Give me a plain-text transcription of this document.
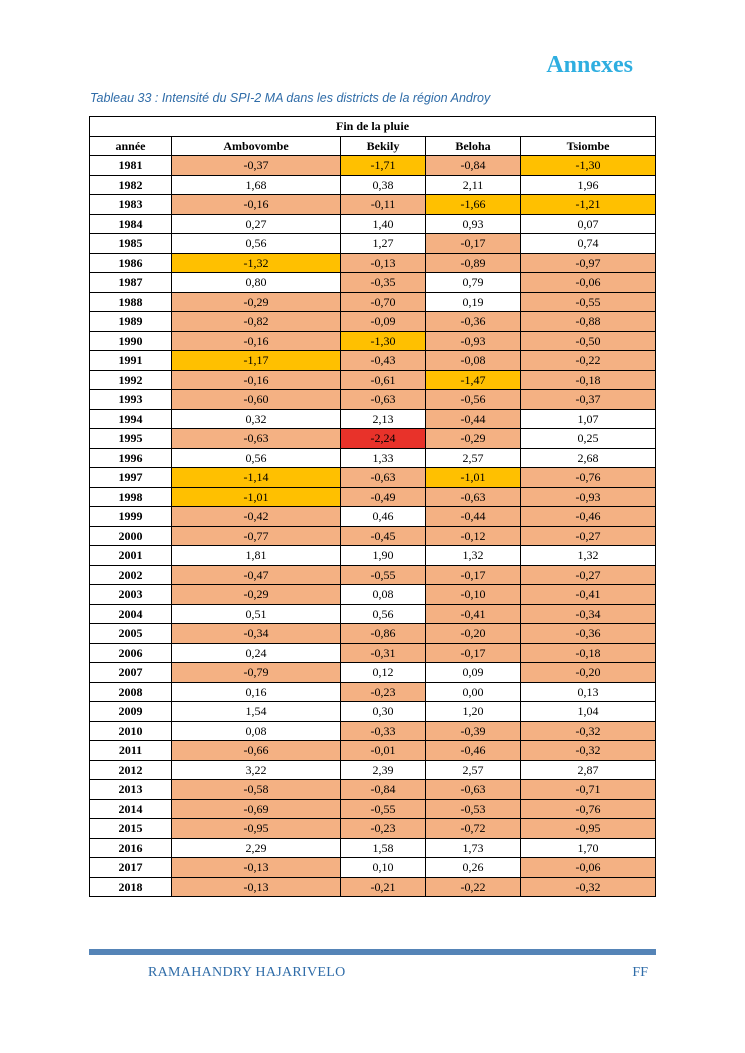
Annexes
Tableau 33 : Intensité du SPI-2 MA dans les districts de la région Androy
Fin de la pluie				
année	Ambovombe	Bekily	Beloha	Tsiombe
1981	-0,37	-1,71	-0,84	-1,30
1982	1,68	0,38	2,11	1,96
1983	-0,16	-0,11	-1,66	-1,21
1984	0,27	1,40	0,93	0,07
1985	0,56	1,27	-0,17	0,74
1986	-1,32	-0,13	-0,89	-0,97
1987	0,80	-0,35	0,79	-0,06
1988	-0,29	-0,70	0,19	-0,55
1989	-0,82	-0,09	-0,36	-0,88
1990	-0,16	-1,30	-0,93	-0,50
1991	-1,17	-0,43	-0,08	-0,22
1992	-0,16	-0,61	-1,47	-0,18
1993	-0,60	-0,63	-0,56	-0,37
1994	0,32	2,13	-0,44	1,07
1995	-0,63	-2,24	-0,29	0,25
1996	0,56	1,33	2,57	2,68
1997	-1,14	-0,63	-1,01	-0,76
1998	-1,01	-0,49	-0,63	-0,93
1999	-0,42	0,46	-0,44	-0,46
2000	-0,77	-0,45	-0,12	-0,27
2001	1,81	1,90	1,32	1,32
2002	-0,47	-0,55	-0,17	-0,27
2003	-0,29	0,08	-0,10	-0,41
2004	0,51	0,56	-0,41	-0,34
2005	-0,34	-0,86	-0,20	-0,36
2006	0,24	-0,31	-0,17	-0,18
2007	-0,79	0,12	0,09	-0,20
2008	0,16	-0,23	0,00	0,13
2009	1,54	0,30	1,20	1,04
2010	0,08	-0,33	-0,39	-0,32
2011	-0,66	-0,01	-0,46	-0,32
2012	3,22	2,39	2,57	2,87
2013	-0,58	-0,84	-0,63	-0,71
2014	-0,69	-0,55	-0,53	-0,76
2015	-0,95	-0,23	-0,72	-0,95
2016	2,29	1,58	1,73	1,70
2017	-0,13	0,10	0,26	-0,06
2018	-0,13	-0,21	-0,22	-0,32
RAMAHANDRY HAJARIVELO	FF
